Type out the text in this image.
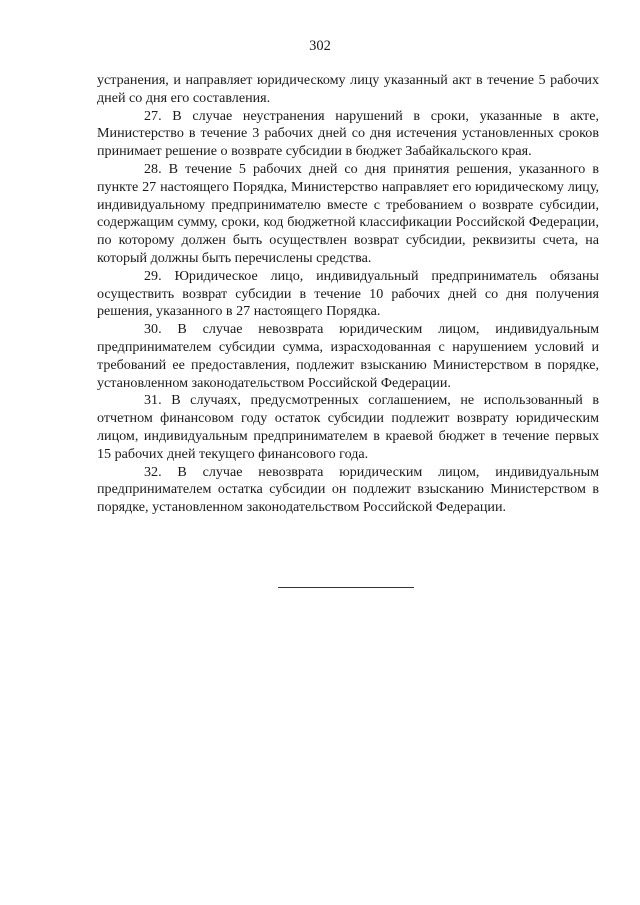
302

устранения, и направляет юридическому лицу указанный акт в течение 5 рабочих дней со дня его составления.

27. В случае неустранения нарушений в сроки, указанные в акте, Министерство в течение 3 рабочих дней со дня истечения установленных сроков принимает решение о возврате субсидии в бюджет Забайкальского края.

28. В течение 5 рабочих дней со дня принятия решения, указанного в пункте 27 настоящего Порядка, Министерство направляет его юридическому лицу, индивидуальному предпринимателю вместе с требованием о возврате субсидии, содержащим сумму, сроки, код бюджетной классификации Российской Федерации, по которому должен быть осуществлен возврат субсидии, реквизиты счета, на который должны быть перечислены средства.

29. Юридическое лицо, индивидуальный предприниматель обязаны осуществить возврат субсидии в течение 10 рабочих дней со дня получения решения, указанного в 27 настоящего Порядка.

30. В случае невозврата юридическим лицом, индивидуальным предпринимателем субсидии сумма, израсходованная с нарушением условий и требований ее предоставления, подлежит взысканию Министерством в порядке, установленном законодательством Российской Федерации.

31. В случаях, предусмотренных соглашением, не использованный в отчетном финансовом году остаток субсидии подлежит возврату юридическим лицом, индивидуальным предпринимателем в краевой бюджет в течение первых 15 рабочих дней текущего финансового года.

32. В случае невозврата юридическим лицом, индивидуальным предпринимателем остатка субсидии он подлежит взысканию Министерством в порядке, установленном законодательством Российской Федерации.
